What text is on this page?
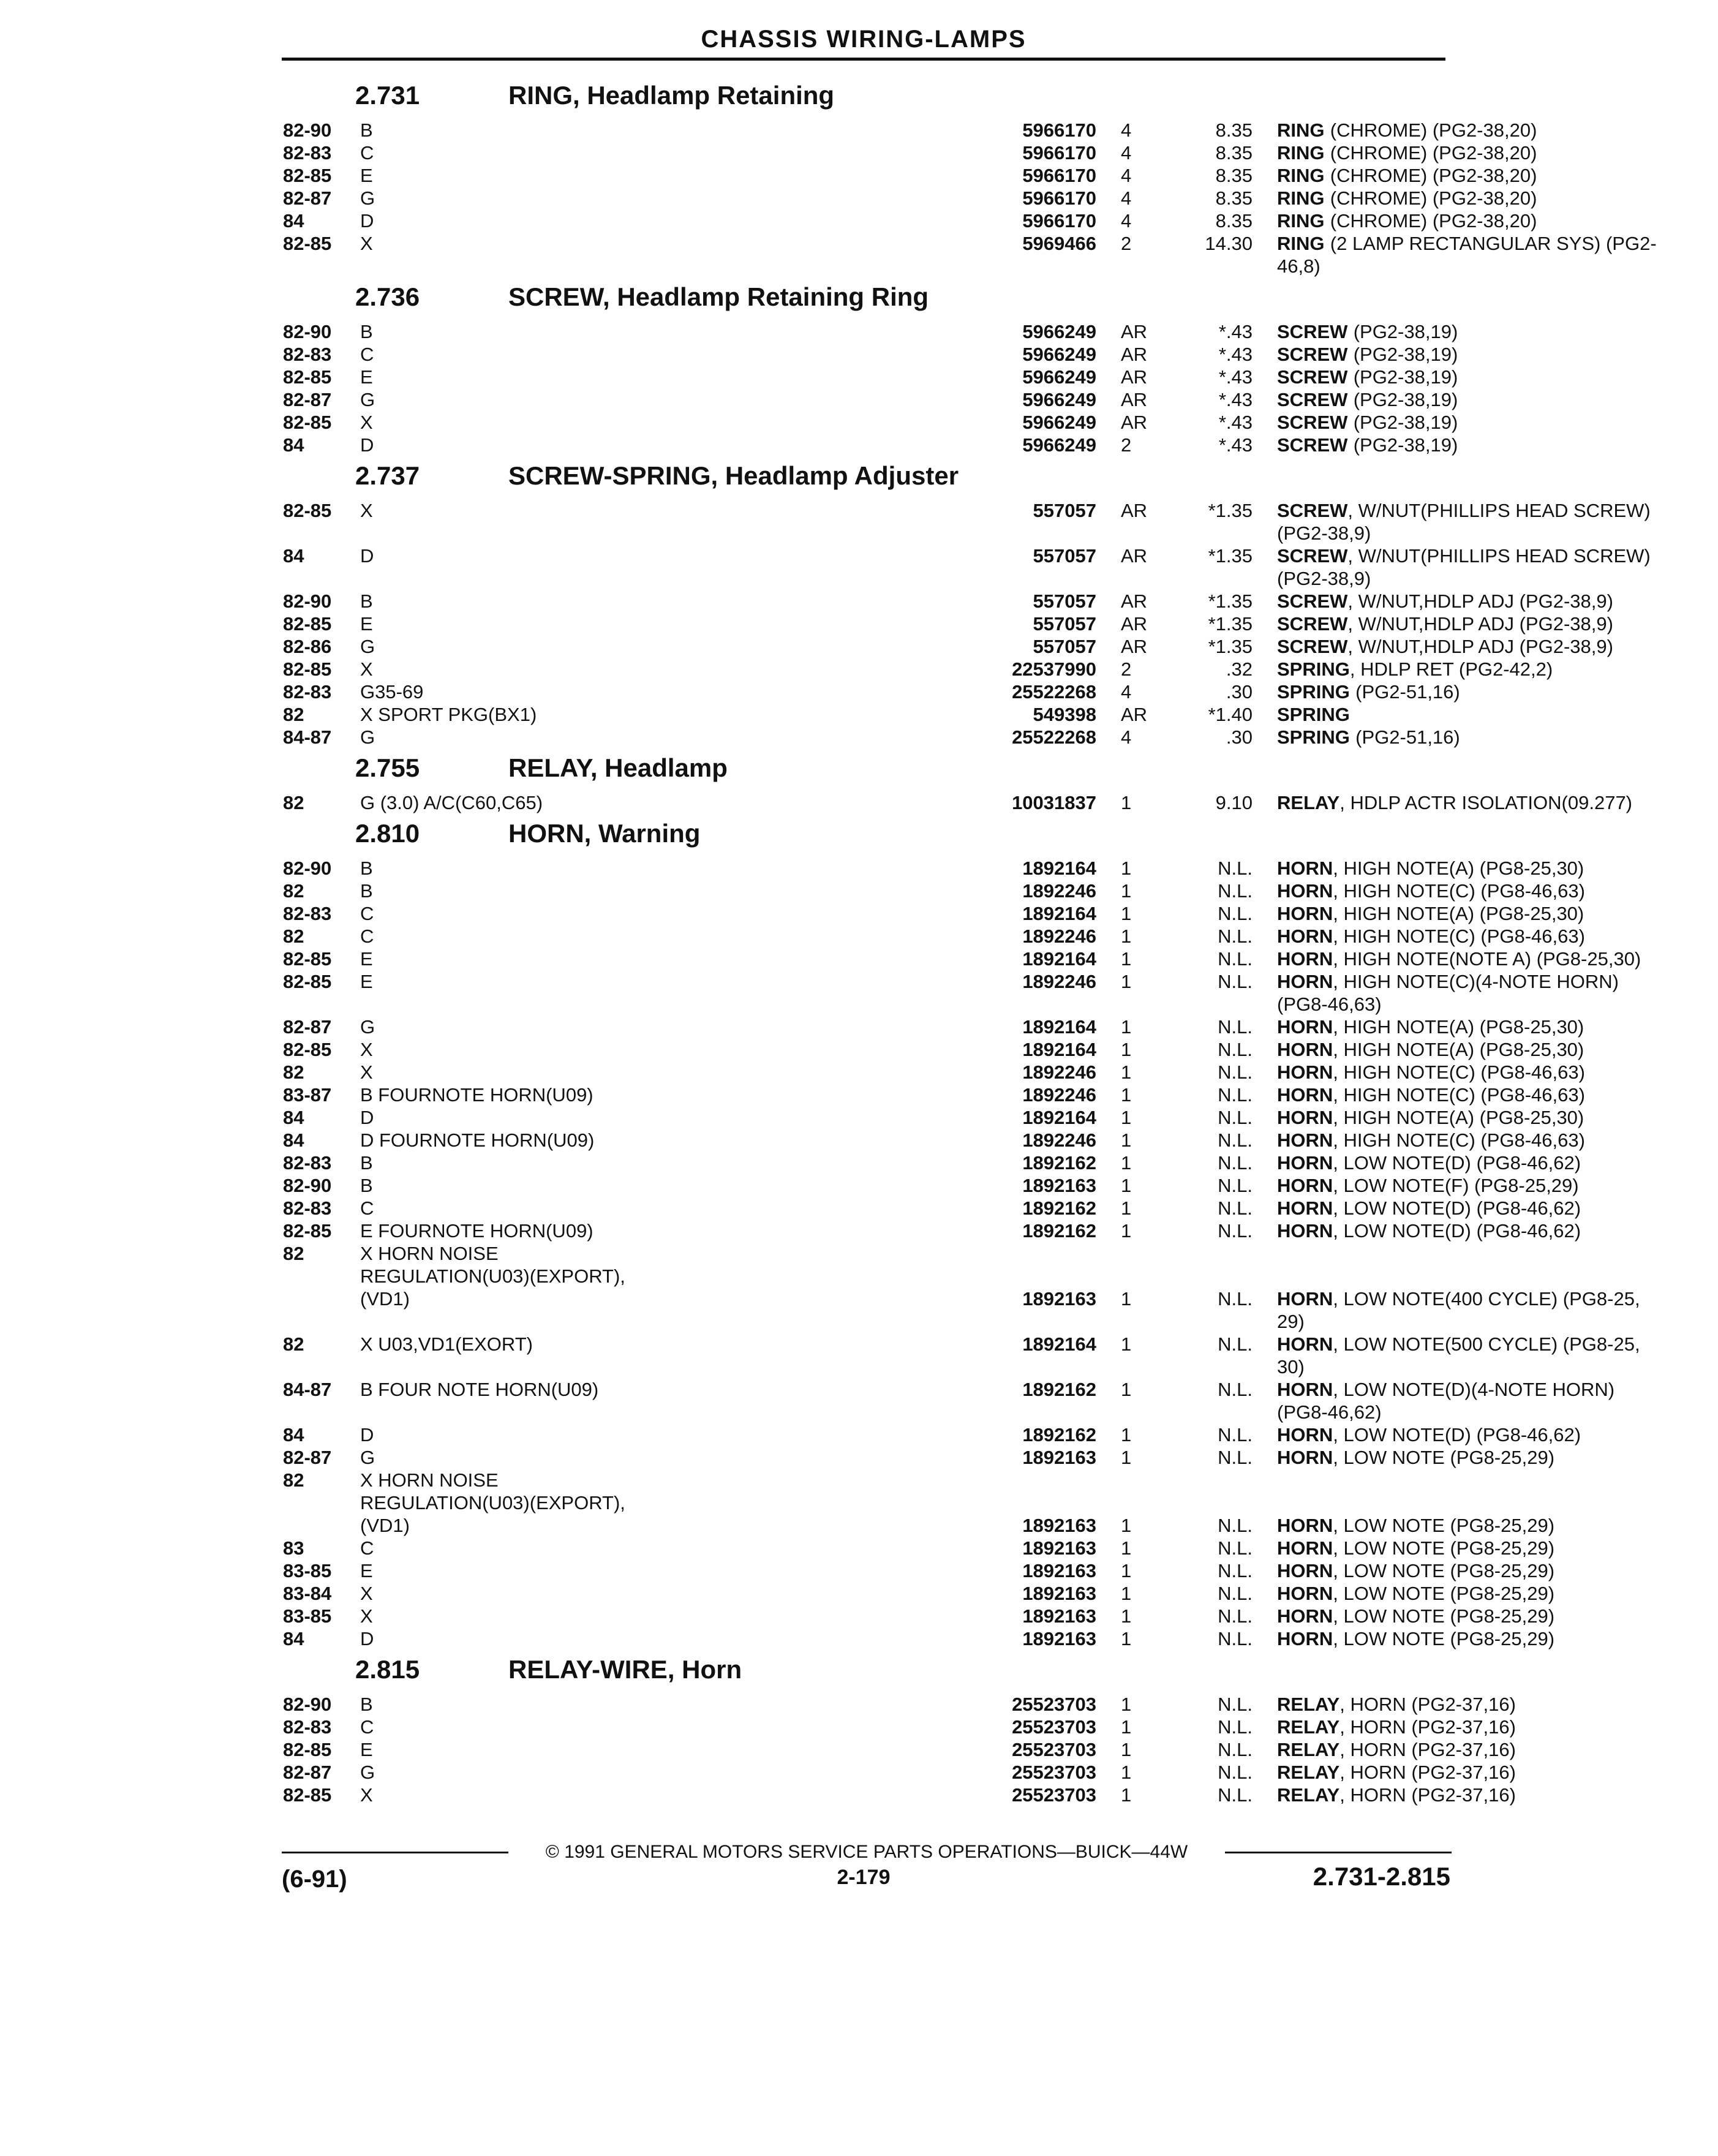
CHASSIS WIRING-LAMPS
2.731	RING, Headlamp Retaining
82-90 B	5966170 4	8.35 RING (CHROME) (PG2-38,20)
82-83 C	5966170 4	8.35 RING (CHROME) (PG2-38,20)
82-85 E	5966170 4	8.35 RING (CHROME) (PG2-38,20)
82-87 G	5966170 4	8.35 RING (CHROME) (PG2-38,20)
84	D	5966170 4	8.35 RING (CHROME) (PG2-38,20)
82-85 X	5969466 2	14.30 RING (2 LAMP RECTANGULAR SYS) (PG2-
46,8)
2.736	SCREW, Headlamp Retaining Ring
82-90 B	5966249 AR	*.43 SCREW (PG2-38,19)
82-83 C	5966249 AR	*.43 SCREW (PG2-38,19)
82-85 E	5966249 AR	*.43 SCREW (PG2-38,19)
82-87 G	5966249 AR	*.43 SCREW (PG2-38,19)
82-85 X	5966249 AR	*.43 SCREW (PG2-38,19)
84	D	5966249 2	*.43 SCREW (PG2-38,19)
2.737	SCREW-SPRING, Headlamp Adjuster
82-85 X	557057 AR	*1.35 SCREW, W/NUT(PHILLIPS HEAD SCREW)
(PG2-38,9)
84	D	557057 AR	*1.35 SCREW, W/NUT(PHILLIPS HEAD SCREW)
(PG2-38,9)
82-90 B	557057 AR	*1.35 SCREW, W/NUT,HDLP ADJ (PG2-38,9)
82-85 E	557057 AR	*1.35 SCREW, W/NUT,HDLP ADJ (PG2-38,9)
82-86 G	557057 AR	*1.35 SCREW, W/NUT,HDLP ADJ (PG2-38,9)
82-85 X	22537990 2	.32 SPRING, HDLP RET (PG2-42,2)
82-83 G35-69	25522268 4	.30 SPRING (PG2-51,16)
82	X SPORT PKG(BX1)	549398 AR	*1.40 SPRING
84-87 G	25522268 4	.30 SPRING (PG2-51,16)
2.755	RELAY, Headlamp
82	G (3.0) A/C(C60,C65)	10031837 1	9.10 RELAY, HDLP ACTR ISOLATION(09.277)
2.810	HORN, Warning
82-90 B	1892164 1	N.L. HORN, HIGH NOTE(A) (PG8-25,30)
82	B	1892246 1	N.L. HORN, HIGH NOTE(C) (PG8-46,63)
82-83 C	1892164 1	N.L. HORN, HIGH NOTE(A) (PG8-25,30)
82	C	1892246 1	N.L. HORN, HIGH NOTE(C) (PG8-46,63)
82-85 E	1892164 1	N.L. HORN, HIGH NOTE(NOTE A) (PG8-25,30)
82-85 E	1892246 1	N.L. HORN, HIGH NOTE(C)(4-NOTE HORN)
(PG8-46,63)
82-87 G	1892164 1	N.L. HORN, HIGH NOTE(A) (PG8-25,30)
82-85 X	1892164 1	N.L. HORN, HIGH NOTE(A) (PG8-25,30)
82	X	1892246 1	N.L. HORN, HIGH NOTE(C) (PG8-46,63)
83-87 B FOURNOTE HORN(U09)	1892246 1	N.L. HORN, HIGH NOTE(C) (PG8-46,63)
84	D	1892164 1	N.L. HORN, HIGH NOTE(A) (PG8-25,30)
84	D FOURNOTE HORN(U09)	1892246 1	N.L. HORN, HIGH NOTE(C) (PG8-46,63)
82-83 B	1892162 1	N.L. HORN, LOW NOTE(D) (PG8-46,62)
82-90 B	1892163 1	N.L. HORN, LOW NOTE(F) (PG8-25,29)
82-83 C	1892162 1	N.L. HORN, LOW NOTE(D) (PG8-46,62)
82-85 E FOURNOTE HORN(U09)	1892162 1	N.L. HORN, LOW NOTE(D) (PG8-46,62)
82	X HORN NOISE
REGULATION(U03)(EXPORT),
(VD1)	1892163 1	N.L. HORN, LOW NOTE(400 CYCLE) (PG8-25,
29)
82	X U03,VD1(EXORT)	1892164 1	N.L. HORN, LOW NOTE(500 CYCLE) (PG8-25,
30)
84-87 B FOUR NOTE HORN(U09)	1892162 1	N.L. HORN, LOW NOTE(D)(4-NOTE HORN)
(PG8-46,62)
84	D	1892162 1	N.L. HORN, LOW NOTE(D) (PG8-46,62)
82-87 G	1892163 1	N.L. HORN, LOW NOTE (PG8-25,29)
82	X HORN NOISE
REGULATION(U03)(EXPORT),
(VD1)	1892163 1	N.L. HORN, LOW NOTE (PG8-25,29)
83	C	1892163 1	N.L. HORN, LOW NOTE (PG8-25,29)
83-85 E	1892163 1	N.L. HORN, LOW NOTE (PG8-25,29)
83-84 X	1892163 1	N.L. HORN, LOW NOTE (PG8-25,29)
83-85 X	1892163 1	N.L. HORN, LOW NOTE (PG8-25,29)
84	D	1892163 1	N.L. HORN, LOW NOTE (PG8-25,29)
2.815	RELAY-WIRE, Horn
82-90 B	25523703 1	N.L. RELAY, HORN (PG2-37,16)
82-83 C	25523703 1	N.L. RELAY, HORN (PG2-37,16)
82-85 E	25523703 1	N.L. RELAY, HORN (PG2-37,16)
82-87 G	25523703 1	N.L. RELAY, HORN (PG2-37,16)
82-85 X	25523703 1	N.L. RELAY, HORN (PG2-37,16)
© 1991 GENERAL MOTORS SERVICE PARTS OPERATIONS—BUICK—44W
(6-91)	2-179	2.731-2.815
